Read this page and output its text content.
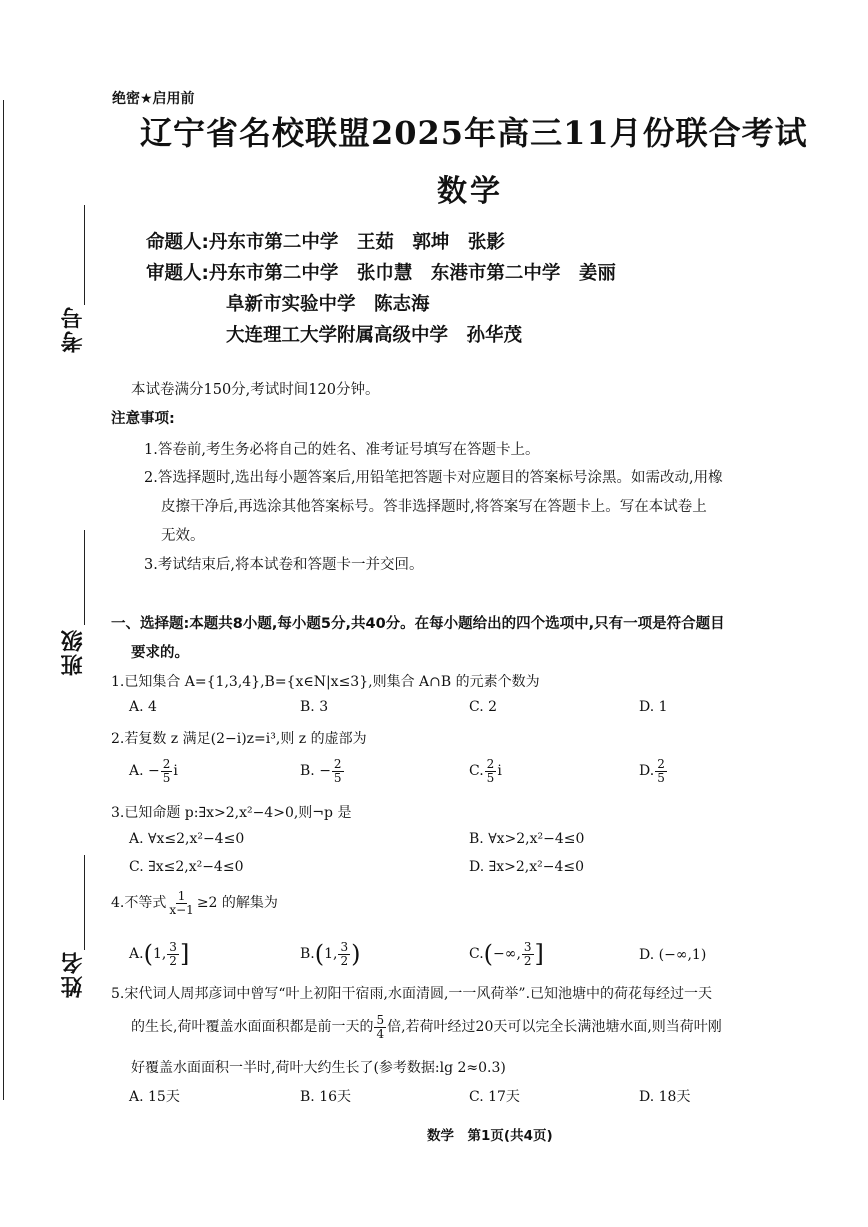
考号
班级
姓名
绝密★启用前
辽宁省名校联盟2025年高三11月份联合考试
数学
命题人:丹东市第二中学　王茹　郭坤　张影
审题人:丹东市第二中学　张巾慧　东港市第二中学　姜丽
阜新市实验中学　陈志海
大连理工大学附属高级中学　孙华茂
本试卷满分150分,考试时间120分钟。
注意事项:
1.答卷前,考生务必将自己的姓名、准考证号填写在答题卡上。
2.答选择题时,选出每小题答案后,用铅笔把答题卡对应题目的答案标号涂黑。如需改动,用橡
皮擦干净后,再选涂其他答案标号。答非选择题时,将答案写在答题卡上。写在本试卷上
无效。
3.考试结束后,将本试卷和答题卡一并交回。
一、选择题:本题共8小题,每小题5分,共40分。在每小题给出的四个选项中,只有一项是符合题目
要求的。
1.已知集合 A={1,3,4},B={x∈N|x≤3},则集合 A∩B 的元素个数为
A. 4	B. 3	C. 2	D. 1
2.若复数 z 满足(2−i)z=i³,则 z 的虚部为
A. − $\frac{2}{5}$ i	B. − $\frac{2}{5}$	C. $\frac{2}{5}$ i	D. $\frac{2}{5}$
3.已知命题 p:∃x>2,x²−4>0,则¬p 是
A. ∀x≤2,x²−4≤0	B. ∀x>2,x²−4≤0
C. ∃x≤2,x²−4≤0	D. ∃x>2,x²−4≤0
4.不等式 $\frac{1}{x-1} \ge 2$ 的解集为
A.(1, $\frac{3}{2}$ ]	B.(1, $\frac{3}{2}$ )	C.(−∞, $\frac{3}{2}$ ]	D. (−∞,1)
5.宋代词人周邦彦词中曾写“叶上初阳干宿雨,水面清圆,一一风荷举”.已知池塘中的荷花每经过一天
的生长,荷叶覆盖水面面积都是前一天的 $\frac{5}{4}$ 倍,若荷叶经过20天可以完全长满池塘水面,则当荷叶刚
好覆盖水面面积一半时,荷叶大约生长了(参考数据:lg 2≈0.3)
A. 15天	B. 16天	C. 17天	D. 18天
数学　第1页(共4页)
